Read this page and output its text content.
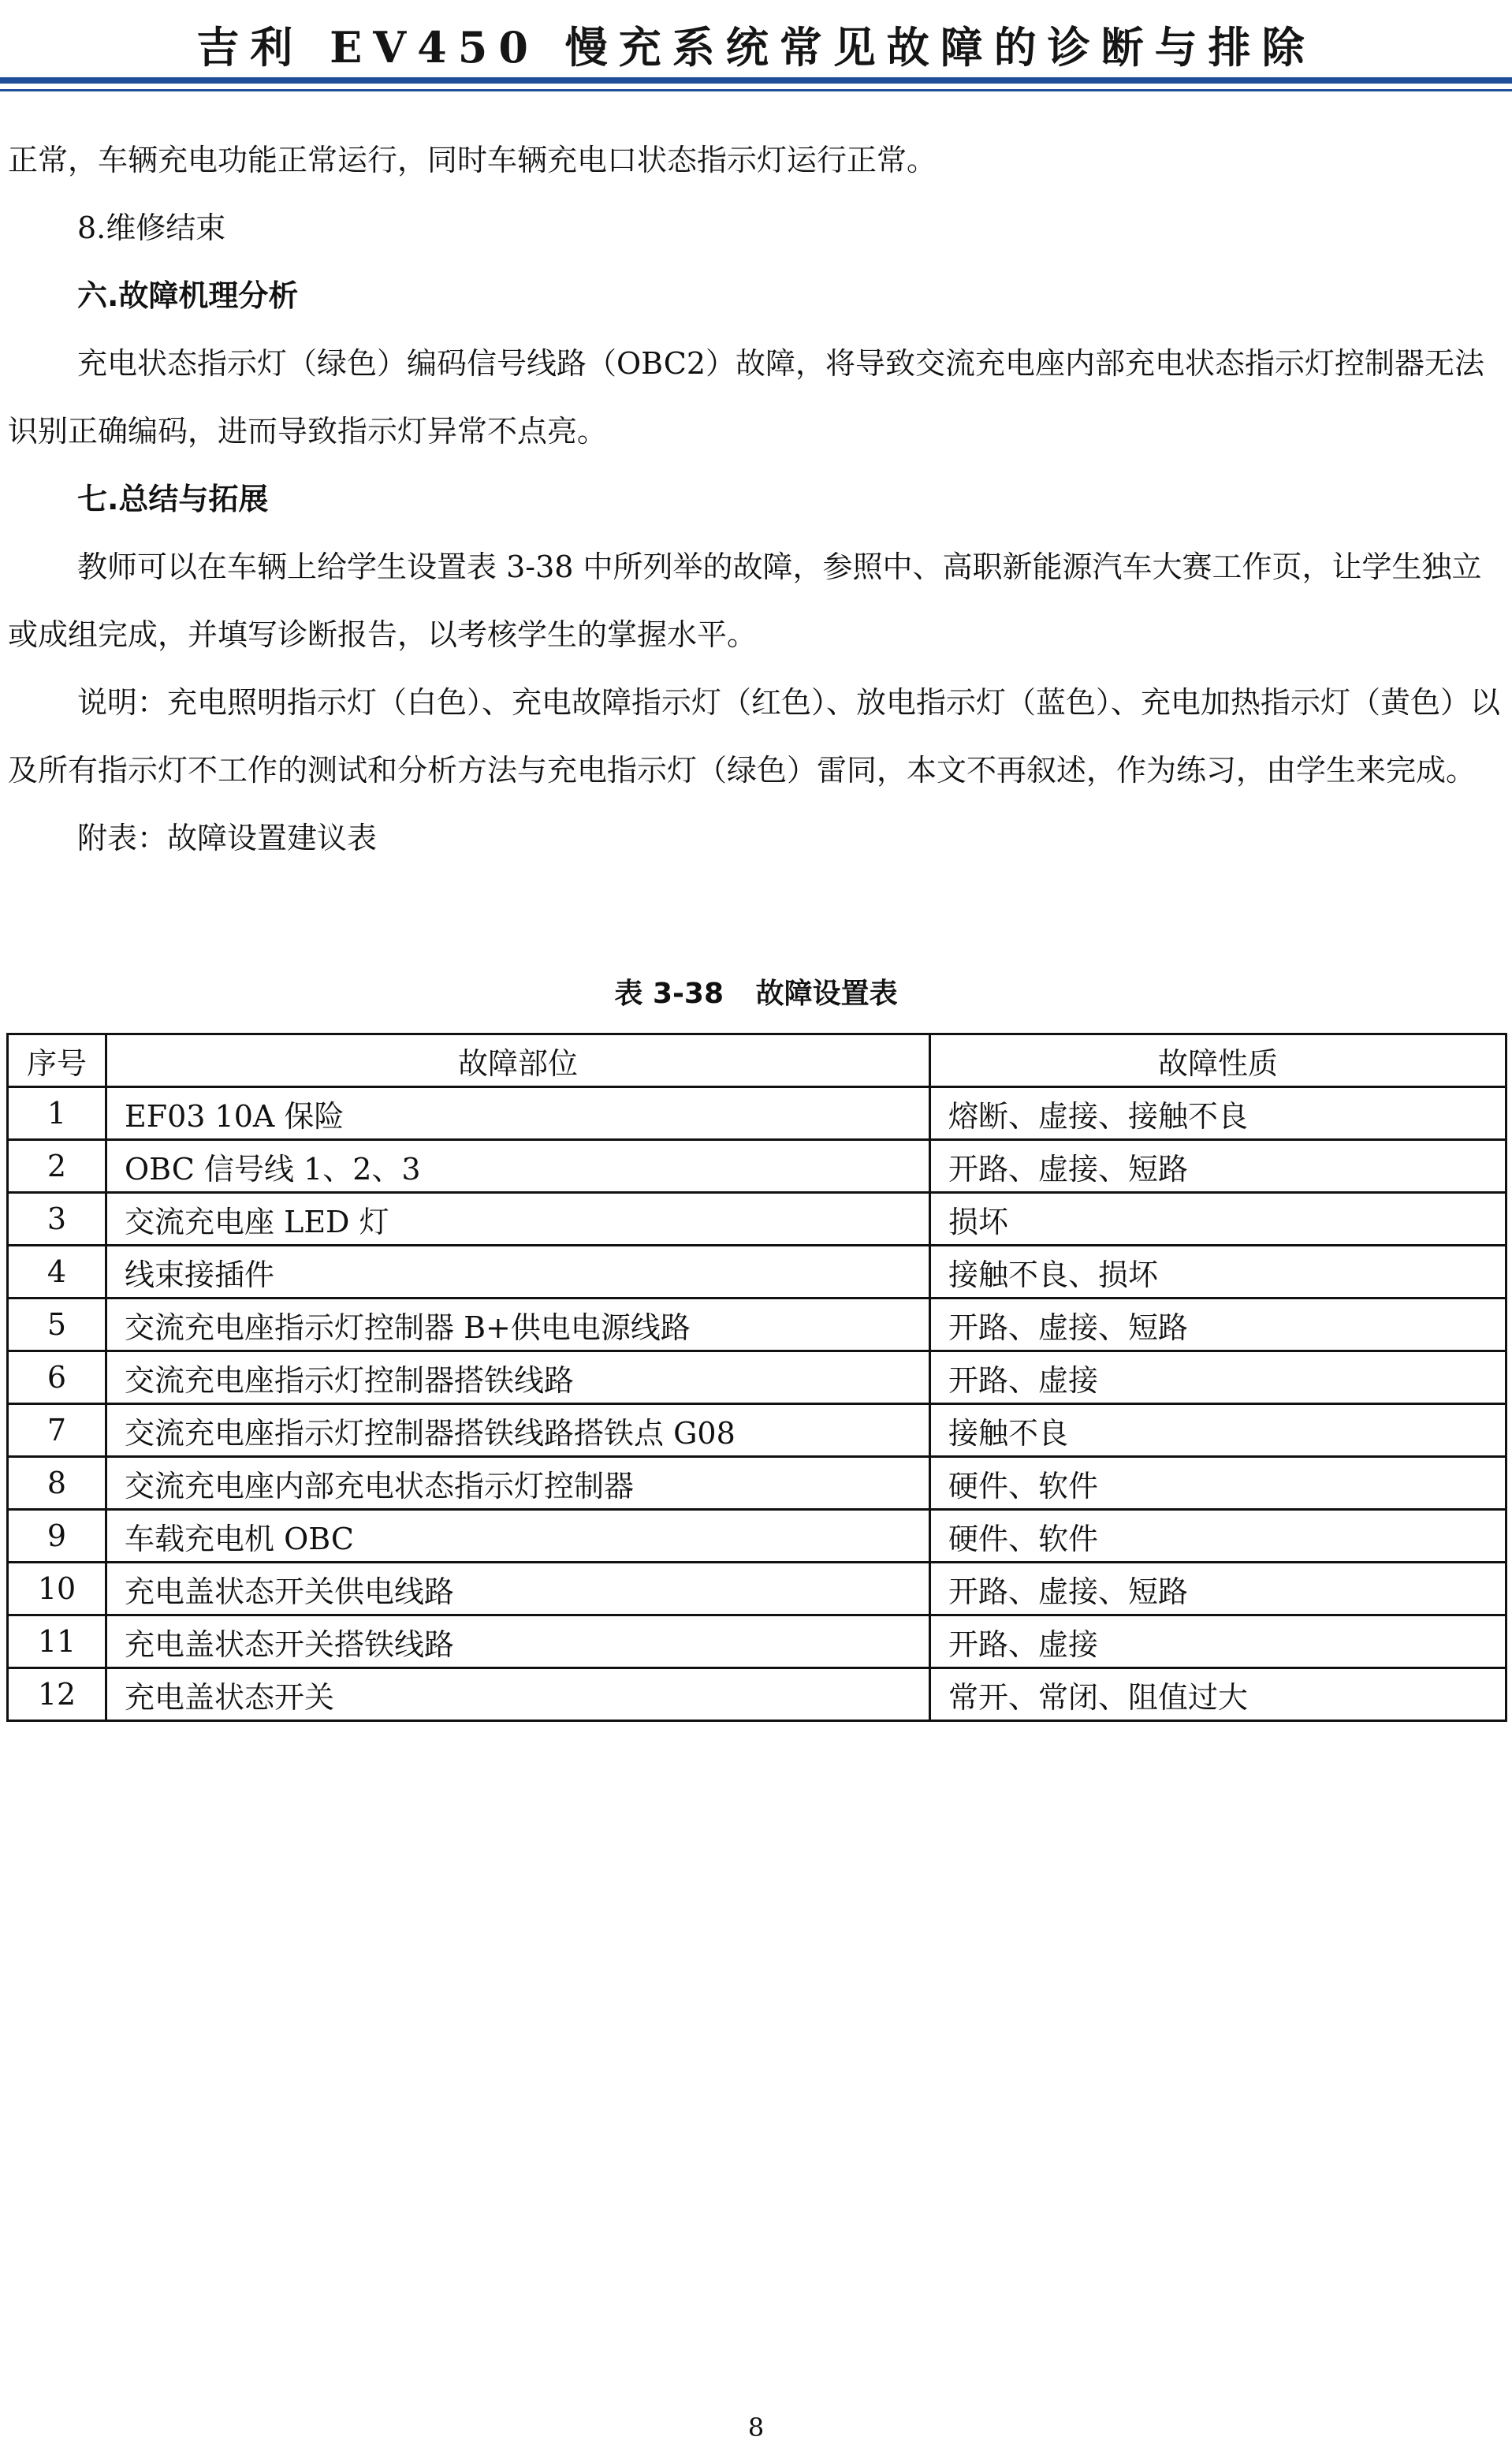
吉利 EV450 慢充系统常见故障的诊断与排除

正常，车辆充电功能正常运行，同时车辆充电口状态指示灯运行正常。

8.维修结束

六.故障机理分析

充电状态指示灯（绿色）编码信号线路（OBC2）故障，将导致交流充电座内部充电状态指示灯控制器无法识别正确编码，进而导致指示灯异常不点亮。

七.总结与拓展

教师可以在车辆上给学生设置表 3-38 中所列举的故障，参照中、高职新能源汽车大赛工作页，让学生独立或成组完成，并填写诊断报告，以考核学生的掌握水平。

说明：充电照明指示灯（白色）、充电故障指示灯（红色）、放电指示灯（蓝色）、充电加热指示灯（黄色）以及所有指示灯不工作的测试和分析方法与充电指示灯（绿色）雷同，本文不再叙述，作为练习，由学生来完成。

附表：故障设置建议表

表 3-38 故障设置表
序号	故障部位	故障性质
1	EF03 10A 保险	熔断、虚接、接触不良
2	OBC 信号线 1、2、3	开路、虚接、短路
3	交流充电座 LED 灯	损坏
4	线束接插件	接触不良、损坏
5	交流充电座指示灯控制器 B+供电电源线路	开路、虚接、短路
6	交流充电座指示灯控制器搭铁线路	开路、虚接
7	交流充电座指示灯控制器搭铁线路搭铁点 G08	接触不良
8	交流充电座内部充电状态指示灯控制器	硬件、软件
9	车载充电机 OBC	硬件、软件
10	充电盖状态开关供电线路	开路、虚接、短路
11	充电盖状态开关搭铁线路	开路、虚接
12	充电盖状态开关	常开、常闭、阻值过大
8
